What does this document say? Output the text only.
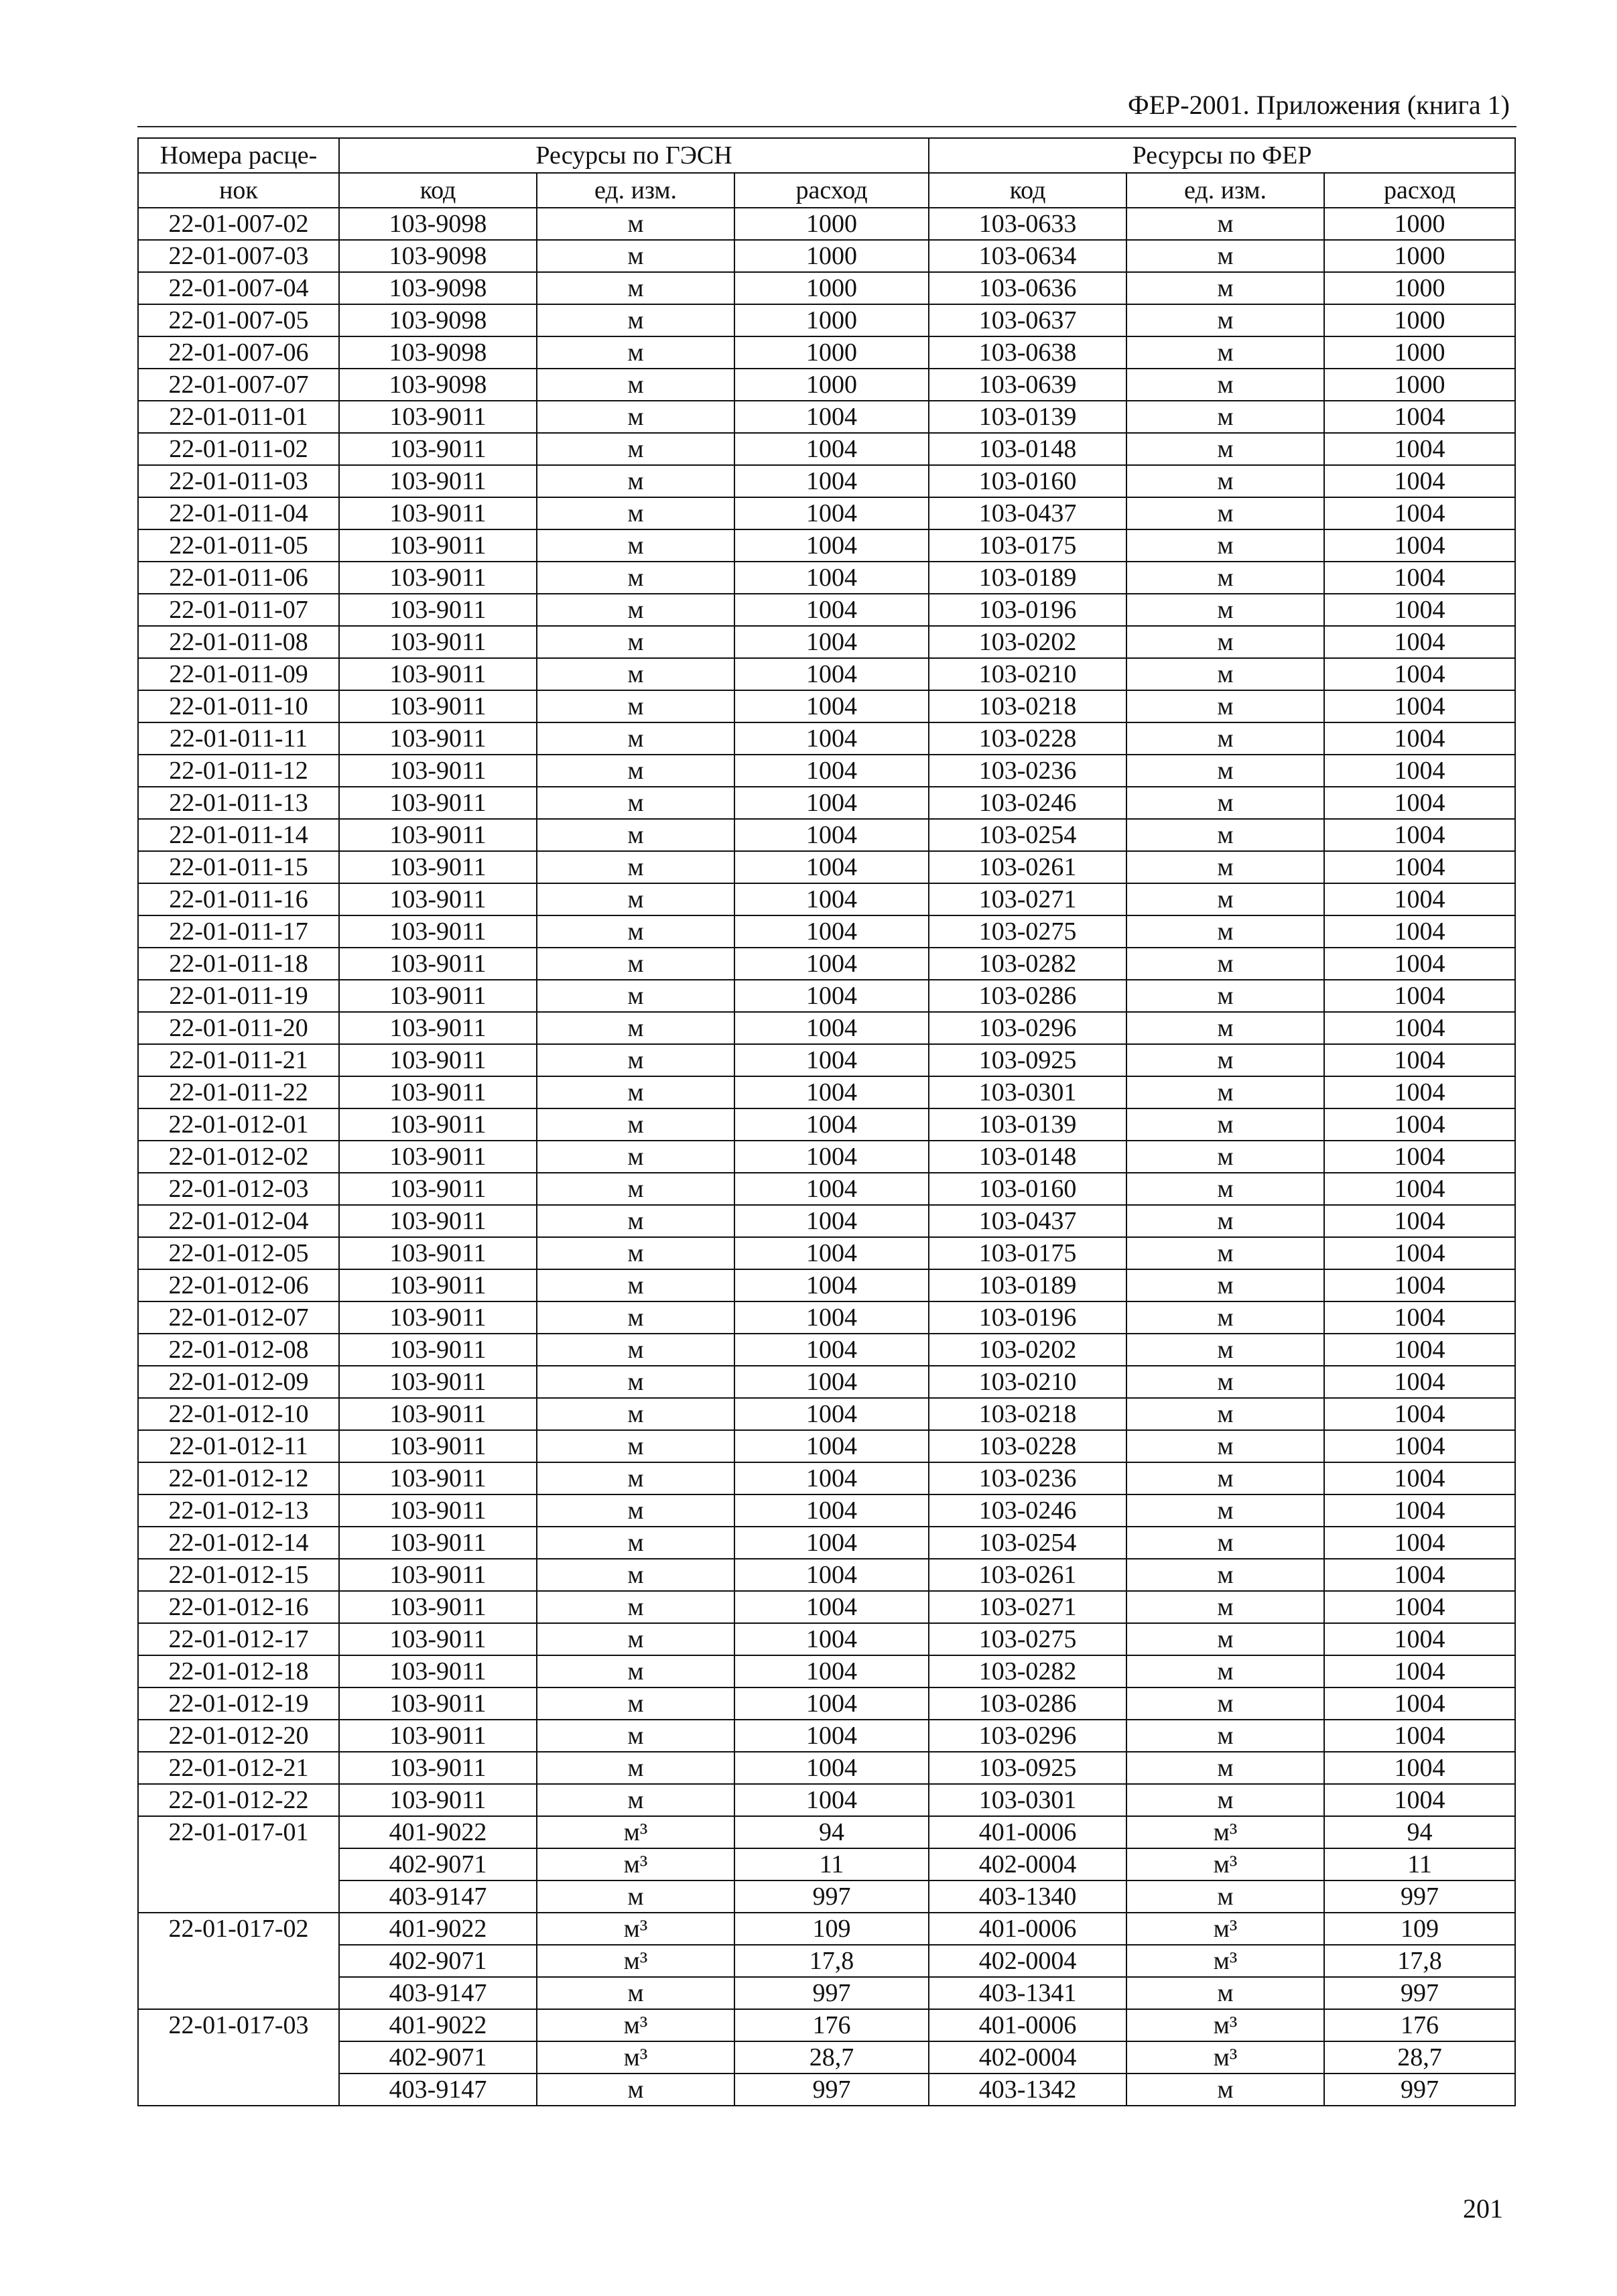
ФЕР-2001. Приложения (книга 1)
Номера расце-	Ресурсы по ГЭСН			Ресурсы по ФЕР		
нок	код	ед. изм.	расход	код	ед. изм.	расход
22-01-007-02	103-9098	м	1000	103-0633	м	1000
22-01-007-03	103-9098	м	1000	103-0634	м	1000
22-01-007-04	103-9098	м	1000	103-0636	м	1000
22-01-007-05	103-9098	м	1000	103-0637	м	1000
22-01-007-06	103-9098	м	1000	103-0638	м	1000
22-01-007-07	103-9098	м	1000	103-0639	м	1000
22-01-011-01	103-9011	м	1004	103-0139	м	1004
22-01-011-02	103-9011	м	1004	103-0148	м	1004
22-01-011-03	103-9011	м	1004	103-0160	м	1004
22-01-011-04	103-9011	м	1004	103-0437	м	1004
22-01-011-05	103-9011	м	1004	103-0175	м	1004
22-01-011-06	103-9011	м	1004	103-0189	м	1004
22-01-011-07	103-9011	м	1004	103-0196	м	1004
22-01-011-08	103-9011	м	1004	103-0202	м	1004
22-01-011-09	103-9011	м	1004	103-0210	м	1004
22-01-011-10	103-9011	м	1004	103-0218	м	1004
22-01-011-11	103-9011	м	1004	103-0228	м	1004
22-01-011-12	103-9011	м	1004	103-0236	м	1004
22-01-011-13	103-9011	м	1004	103-0246	м	1004
22-01-011-14	103-9011	м	1004	103-0254	м	1004
22-01-011-15	103-9011	м	1004	103-0261	м	1004
22-01-011-16	103-9011	м	1004	103-0271	м	1004
22-01-011-17	103-9011	м	1004	103-0275	м	1004
22-01-011-18	103-9011	м	1004	103-0282	м	1004
22-01-011-19	103-9011	м	1004	103-0286	м	1004
22-01-011-20	103-9011	м	1004	103-0296	м	1004
22-01-011-21	103-9011	м	1004	103-0925	м	1004
22-01-011-22	103-9011	м	1004	103-0301	м	1004
22-01-012-01	103-9011	м	1004	103-0139	м	1004
22-01-012-02	103-9011	м	1004	103-0148	м	1004
22-01-012-03	103-9011	м	1004	103-0160	м	1004
22-01-012-04	103-9011	м	1004	103-0437	м	1004
22-01-012-05	103-9011	м	1004	103-0175	м	1004
22-01-012-06	103-9011	м	1004	103-0189	м	1004
22-01-012-07	103-9011	м	1004	103-0196	м	1004
22-01-012-08	103-9011	м	1004	103-0202	м	1004
22-01-012-09	103-9011	м	1004	103-0210	м	1004
22-01-012-10	103-9011	м	1004	103-0218	м	1004
22-01-012-11	103-9011	м	1004	103-0228	м	1004
22-01-012-12	103-9011	м	1004	103-0236	м	1004
22-01-012-13	103-9011	м	1004	103-0246	м	1004
22-01-012-14	103-9011	м	1004	103-0254	м	1004
22-01-012-15	103-9011	м	1004	103-0261	м	1004
22-01-012-16	103-9011	м	1004	103-0271	м	1004
22-01-012-17	103-9011	м	1004	103-0275	м	1004
22-01-012-18	103-9011	м	1004	103-0282	м	1004
22-01-012-19	103-9011	м	1004	103-0286	м	1004
22-01-012-20	103-9011	м	1004	103-0296	м	1004
22-01-012-21	103-9011	м	1004	103-0925	м	1004
22-01-012-22	103-9011	м	1004	103-0301	м	1004
22-01-017-01	401-9022	м³	94	401-0006	м³	94
	402-9071	м³	11	402-0004	м³	11
	403-9147	м	997	403-1340	м	997
22-01-017-02	401-9022	м³	109	401-0006	м³	109
	402-9071	м³	17,8	402-0004	м³	17,8
	403-9147	м	997	403-1341	м	997
22-01-017-03	401-9022	м³	176	401-0006	м³	176
	402-9071	м³	28,7	402-0004	м³	28,7
	403-9147	м	997	403-1342	м	997
201
